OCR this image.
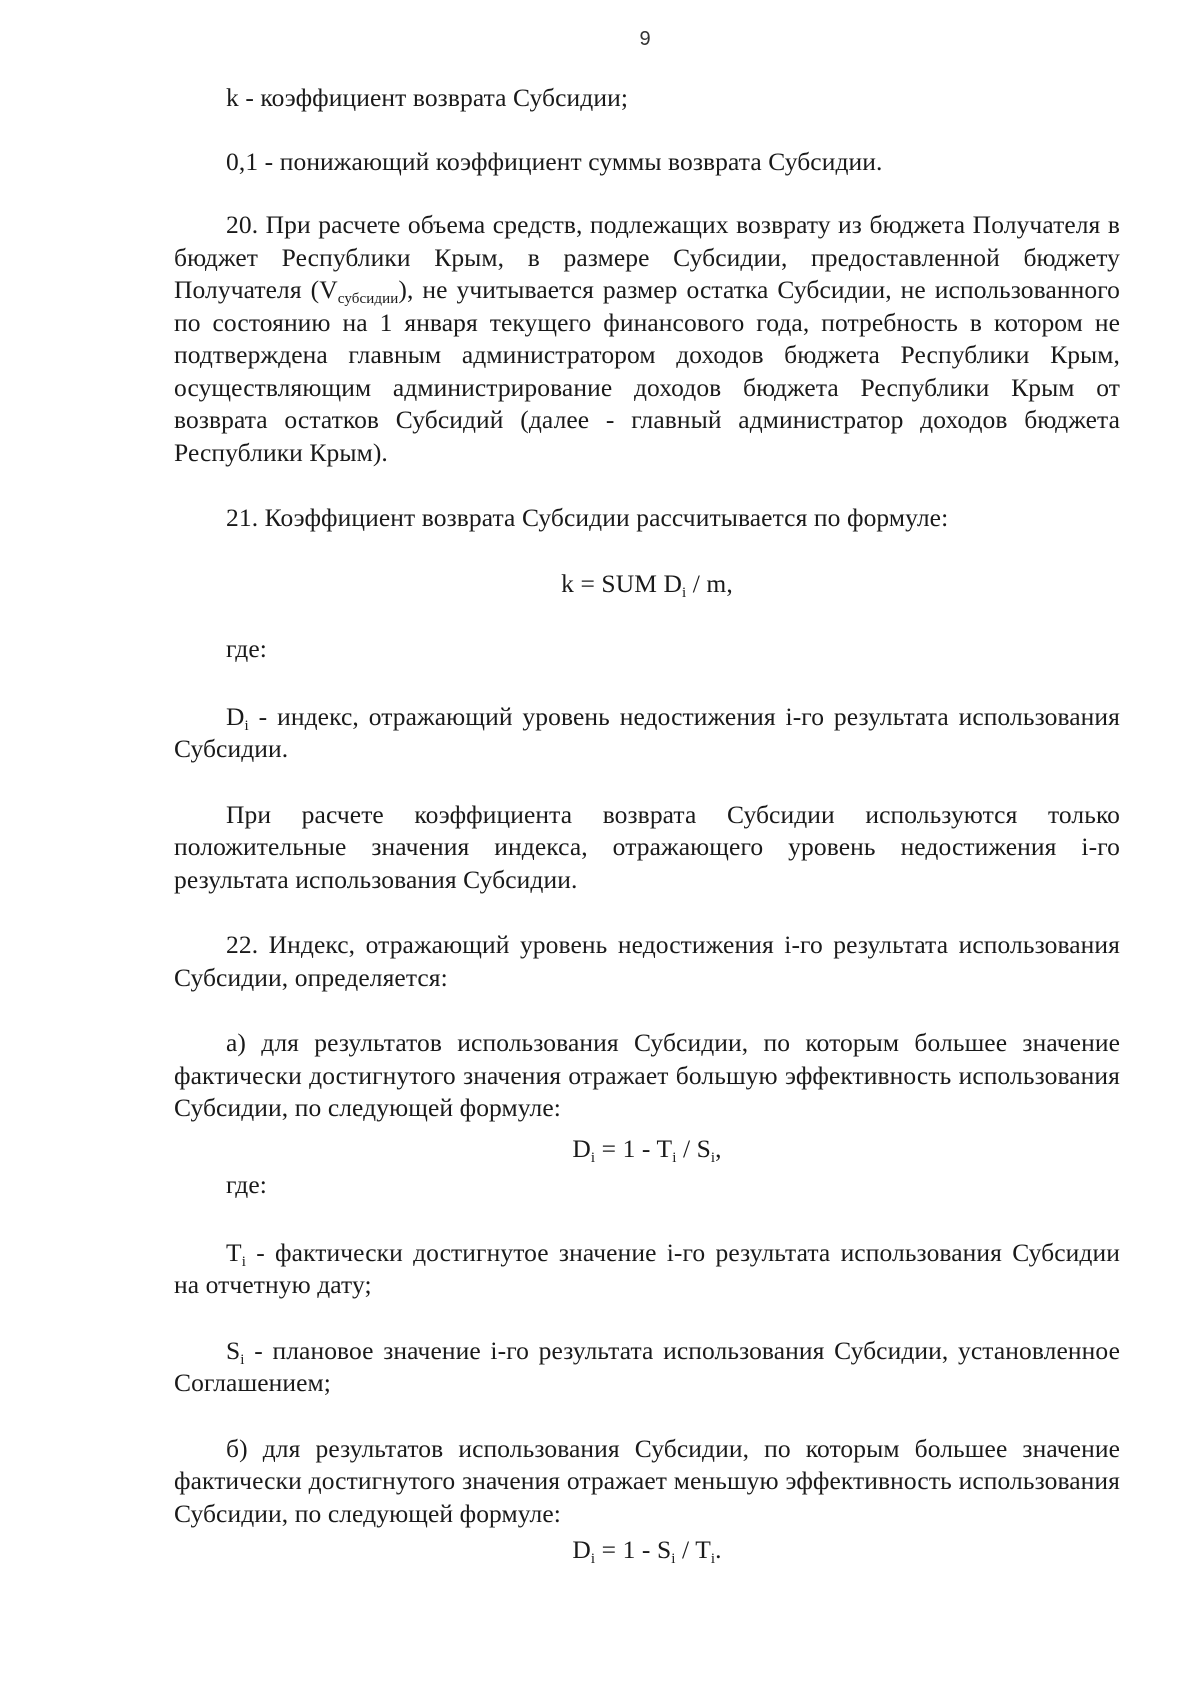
9

k - коэффициент возврата Субсидии;

0,1 - понижающий коэффициент суммы возврата Субсидии.

20. При расчете объема средств, подлежащих возврату из бюджета Получателя в бюджет Республики Крым, в размере Субсидии, предоставленной бюджету Получателя $(V_{субсидии})$, не учитывается размер остатка Субсидии, не использованного по состоянию на 1 января текущего финансового года, потребность в котором не подтверждена главным администратором доходов бюджета Республики Крым, осуществляющим администрирование доходов бюджета Республики Крым от возврата остатков Субсидий (далее - главный администратор доходов бюджета Республики Крым).

21. Коэффициент возврата Субсидии рассчитывается по формуле:

k = SUM $D_i$ / m,

где:

$D_i$ - индекс, отражающий уровень недостижения i-го результата использования Субсидии.

При расчете коэффициента возврата Субсидии используются только положительные значения индекса, отражающего уровень недостижения i-го результата использования Субсидии.

22. Индекс, отражающий уровень недостижения i-го результата использования Субсидии, определяется:

а) для результатов использования Субсидии, по которым большее значение фактически достигнутого значения отражает большую эффективность использования Субсидии, по следующей формуле:

$D_i = 1 - T_i / S_i$,

где:

$T_i$ - фактически достигнутое значение i-го результата использования Субсидии на отчетную дату;

$S_i$ - плановое значение i-го результата использования Субсидии, установленное Соглашением;

б) для результатов использования Субсидии, по которым большее значение фактически достигнутого значения отражает меньшую эффективность использования Субсидии, по следующей формуле:

$D_i = 1 - S_i / T_i$.
